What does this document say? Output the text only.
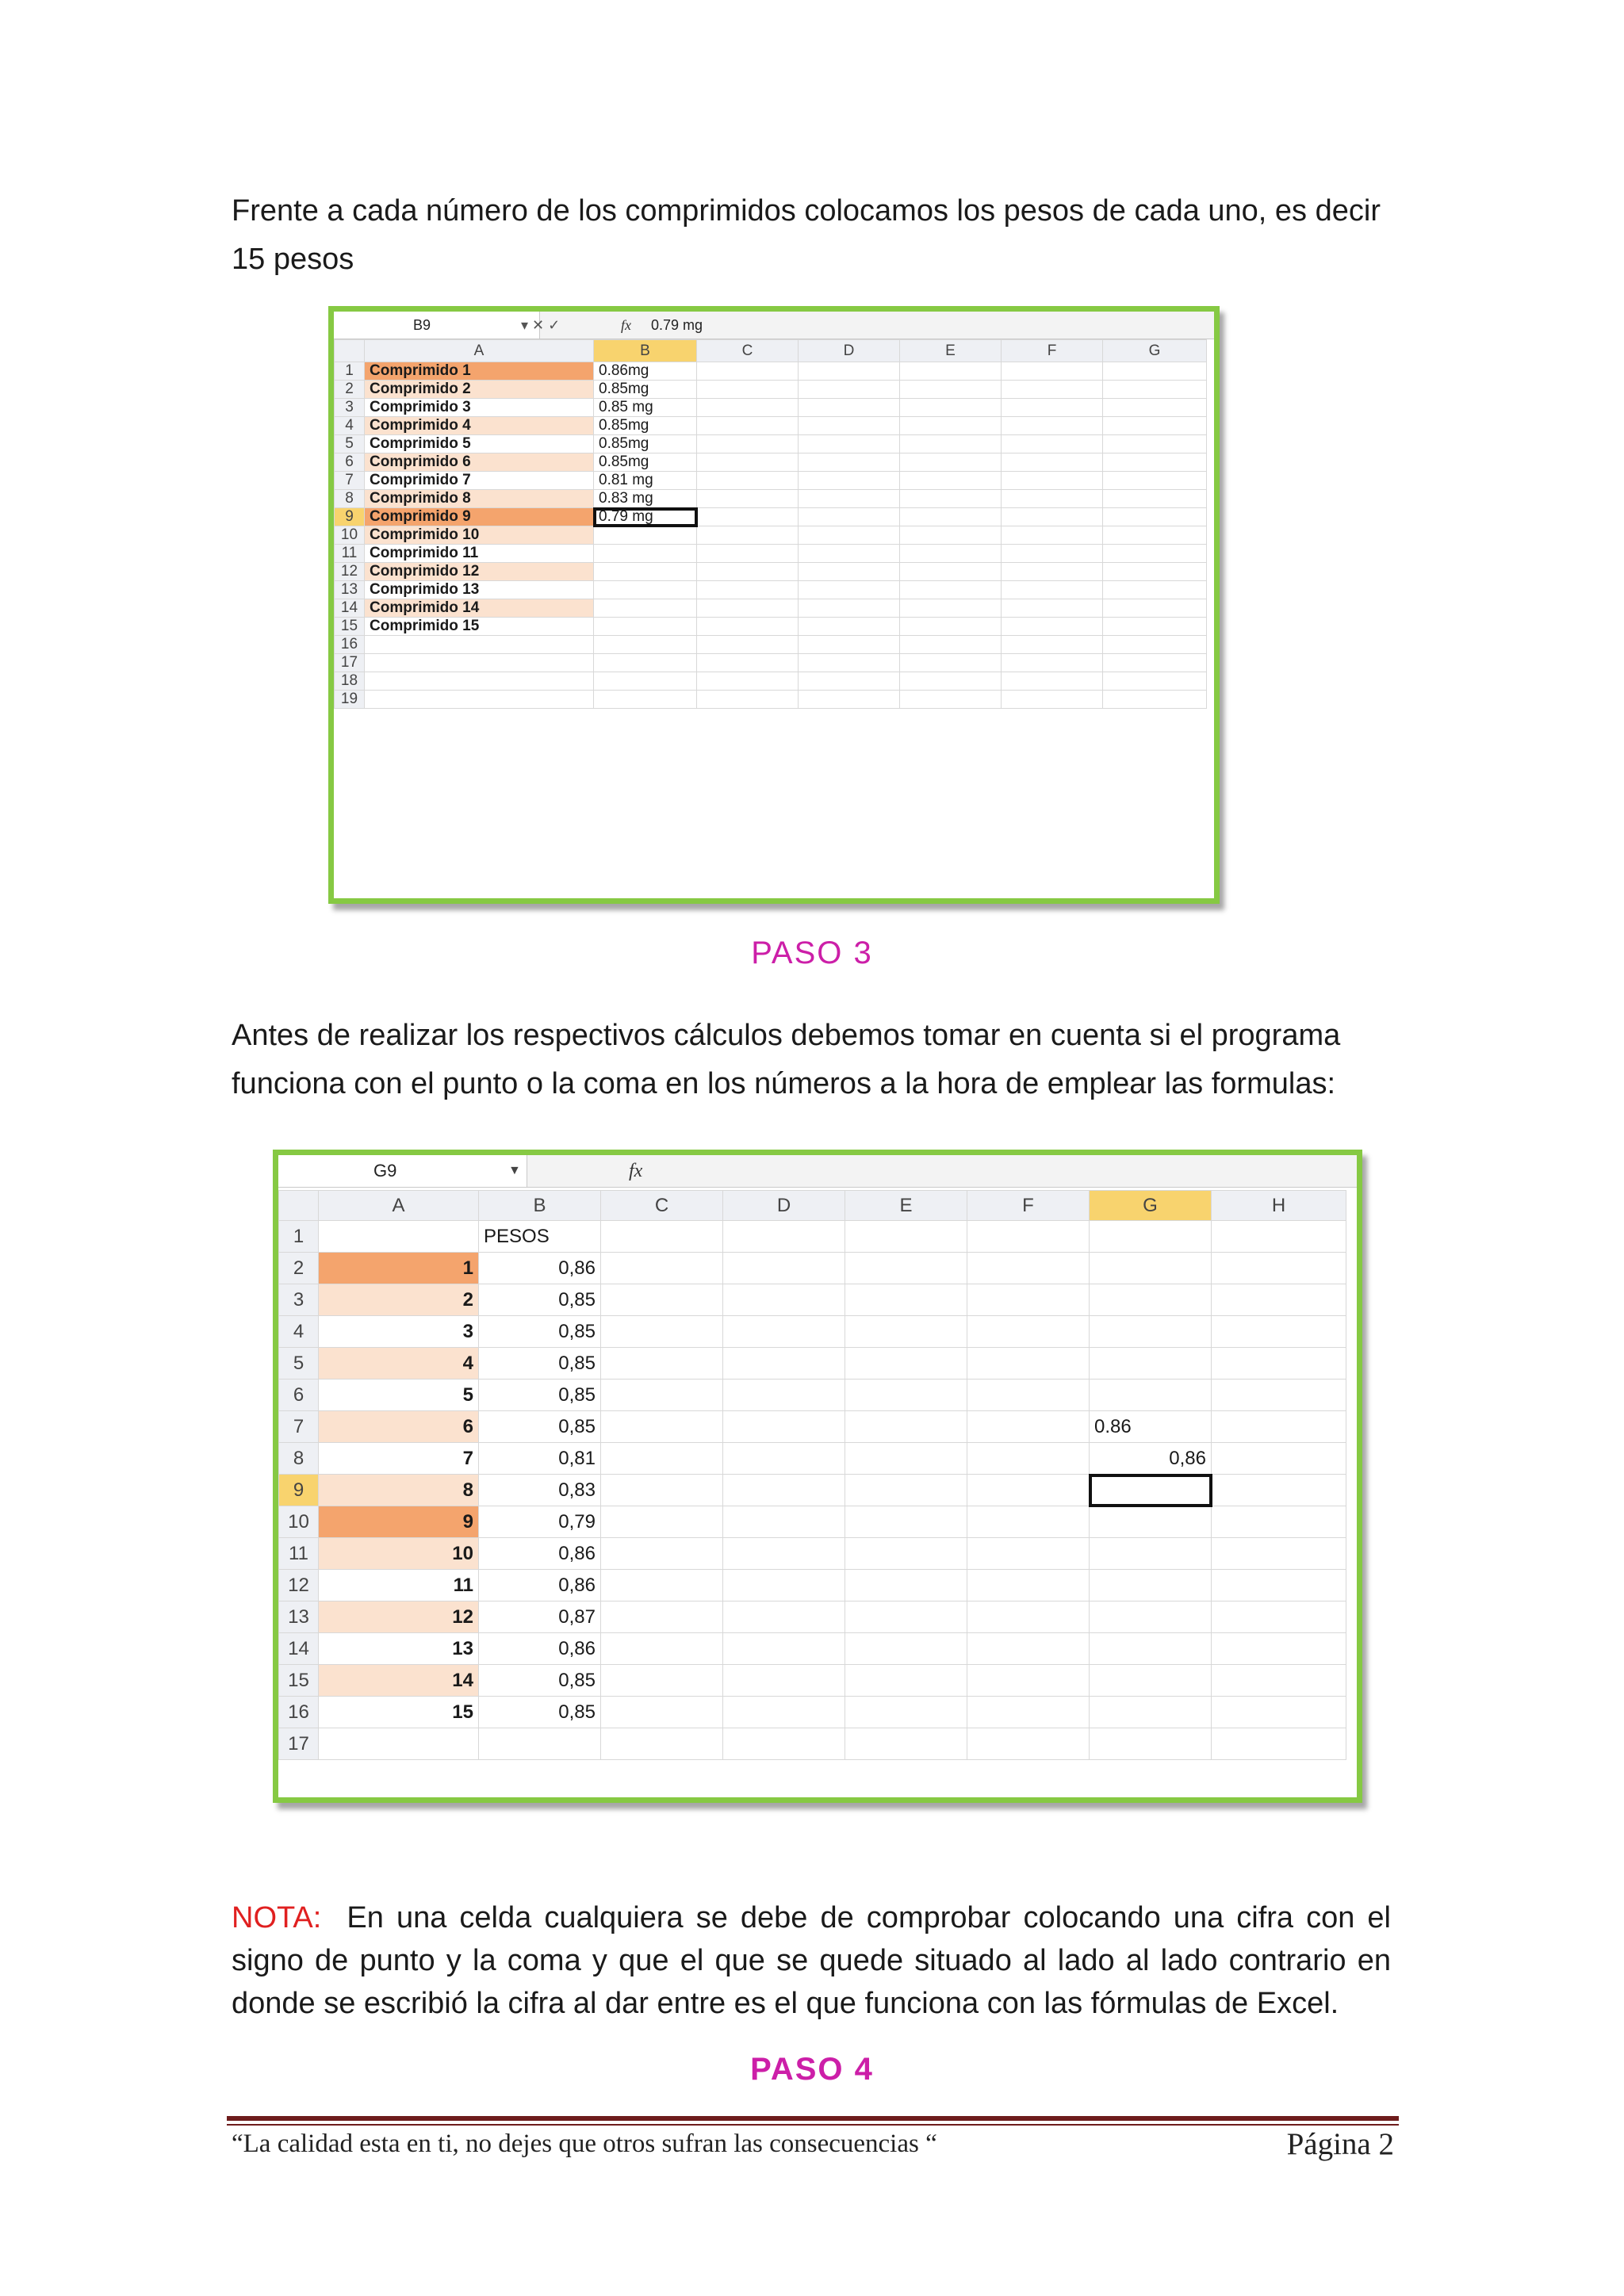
Frente a cada número de los comprimidos colocamos los pesos de cada uno, es decir 15 pesos

B9	▾ ✕ ✓	fx 0.79 mg
	A	B	C	D	E	F	G
1	Comprimido 1	0.86mg					
2	Comprimido 2	0.85mg					
3	Comprimido 3	0.85 mg					
4	Comprimido 4	0.85mg					
5	Comprimido 5	0.85mg					
6	Comprimido 6	0.85mg					
7	Comprimido 7	0.81 mg					
8	Comprimido 8	0.83 mg					
9	Comprimido 9	0.79 mg					
10	Comprimido 10						
11	Comprimido 11						
12	Comprimido 12						
13	Comprimido 13						
14	Comprimido 14						
15	Comprimido 15						
16							
17							
18							
19							
PASO 3

Antes de realizar los respectivos cálculos debemos tomar en cuenta si el programa funciona con el punto o la coma en los números a la hora de emplear las formulas:

G9	▼	fx
	A	B	C	D	E	F	G	H
1		PESOS						
2	1	0,86						
3	2	0,85						
4	3	0,85						
5	4	0,85						
6	5	0,85						
7	6	0,85					0.86	
8	7	0,81					0,86	
9	8	0,83						
10	9	0,79						
11	10	0,86						
12	11	0,86						
13	12	0,87						
14	13	0,86						
15	14	0,85						
16	15	0,85						
17								

NOTA: En una celda cualquiera se debe de comprobar colocando una cifra con el signo de punto y la coma y que el que se quede situado al lado al lado contrario en donde se escribió la cifra al dar entre es el que funciona con las fórmulas de Excel.

PASO 4
“La calidad esta en ti, no dejes que otros sufran las consecuencias “	Página 2
